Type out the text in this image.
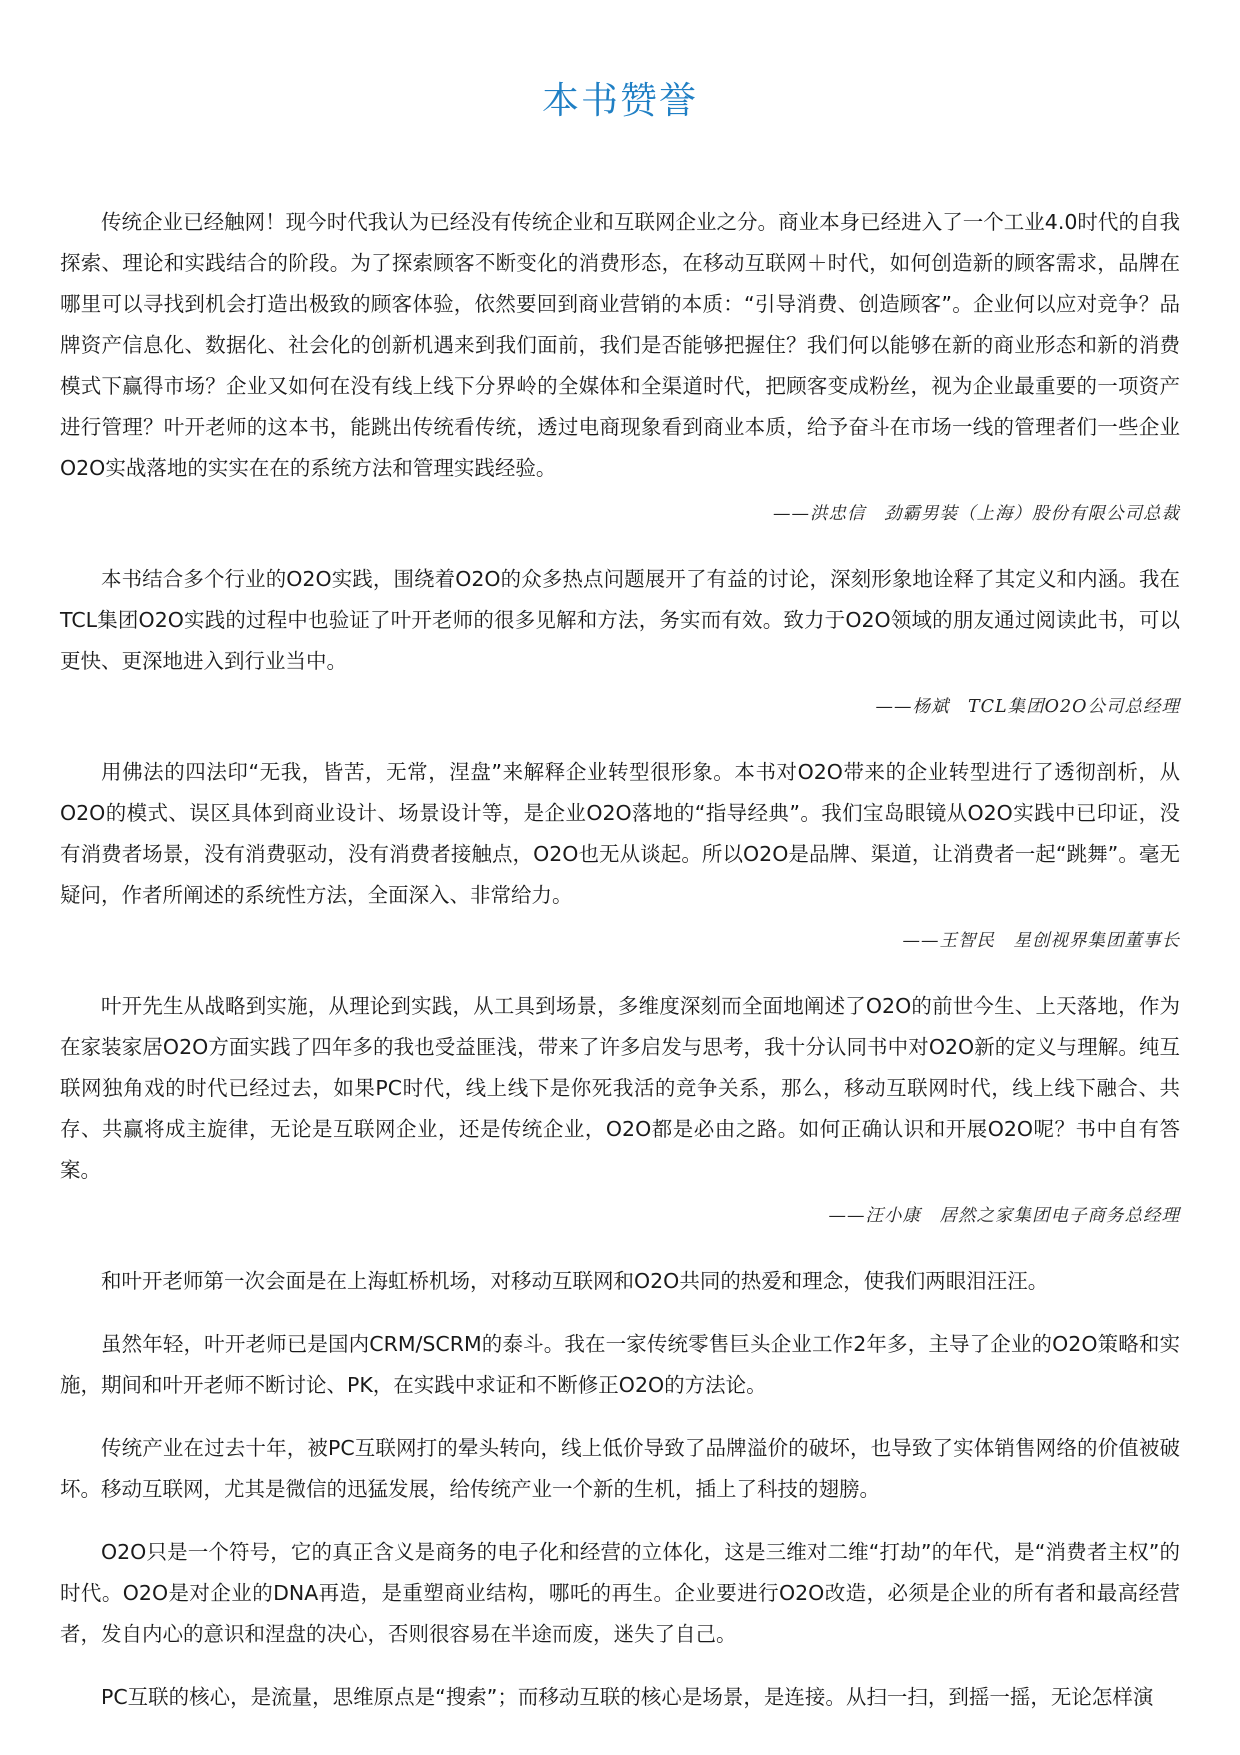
本书赞誉

传统企业已经触网！现今时代我认为已经没有传统企业和互联网企业之分。商业本身已经进入了一个工业4.0时代的自我探索、理论和实践结合的阶段。为了探索顾客不断变化的消费形态，在移动互联网＋时代，如何创造新的顾客需求，品牌在哪里可以寻找到机会打造出极致的顾客体验，依然要回到商业营销的本质：“引导消费、创造顾客”。企业何以应对竞争？品牌资产信息化、数据化、社会化的创新机遇来到我们面前，我们是否能够把握住？我们何以能够在新的商业形态和新的消费模式下赢得市场？企业又如何在没有线上线下分界岭的全媒体和全渠道时代，把顾客变成粉丝，视为企业最重要的一项资产进行管理？叶开老师的这本书，能跳出传统看传统，透过电商现象看到商业本质，给予奋斗在市场一线的管理者们一些企业O2O实战落地的实实在在的系统方法和管理实践经验。

——洪忠信　劲霸男装（上海）股份有限公司总裁

本书结合多个行业的O2O实践，围绕着O2O的众多热点问题展开了有益的讨论，深刻形象地诠释了其定义和内涵。我在TCL集团O2O实践的过程中也验证了叶开老师的很多见解和方法，务实而有效。致力于O2O领域的朋友通过阅读此书，可以更快、更深地进入到行业当中。

——杨斌　TCL集团O2O公司总经理

用佛法的四法印“无我，皆苦，无常，涅盘”来解释企业转型很形象。本书对O2O带来的企业转型进行了透彻剖析，从O2O的模式、误区具体到商业设计、场景设计等，是企业O2O落地的“指导经典”。我们宝岛眼镜从O2O实践中已印证，没有消费者场景，没有消费驱动，没有消费者接触点，O2O也无从谈起。所以O2O是品牌、渠道，让消费者一起“跳舞”。毫无疑问，作者所阐述的系统性方法，全面深入、非常给力。

——王智民　星创视界集团董事长

叶开先生从战略到实施，从理论到实践，从工具到场景，多维度深刻而全面地阐述了O2O的前世今生、上天落地，作为在家装家居O2O方面实践了四年多的我也受益匪浅，带来了许多启发与思考，我十分认同书中对O2O新的定义与理解。纯互联网独角戏的时代已经过去，如果PC时代，线上线下是你死我活的竞争关系，那么，移动互联网时代，线上线下融合、共存、共赢将成主旋律，无论是互联网企业，还是传统企业，O2O都是必由之路。如何正确认识和开展O2O呢？书中自有答案。

——汪小康　居然之家集团电子商务总经理

和叶开老师第一次会面是在上海虹桥机场，对移动互联网和O2O共同的热爱和理念，使我们两眼泪汪汪。

虽然年轻，叶开老师已是国内CRM/SCRM的泰斗。我在一家传统零售巨头企业工作2年多，主导了企业的O2O策略和实施，期间和叶开老师不断讨论、PK，在实践中求证和不断修正O2O的方法论。

传统产业在过去十年，被PC互联网打的晕头转向，线上低价导致了品牌溢价的破坏，也导致了实体销售网络的价值被破坏。移动互联网，尤其是微信的迅猛发展，给传统产业一个新的生机，插上了科技的翅膀。

O2O只是一个符号，它的真正含义是商务的电子化和经营的立体化，这是三维对二维“打劫”的年代，是“消费者主权”的时代。O2O是对企业的DNA再造，是重塑商业结构，哪吒的再生。企业要进行O2O改造，必须是企业的所有者和最高经营者，发自内心的意识和涅盘的决心，否则很容易在半途而废，迷失了自己。

PC互联的核心，是流量，思维原点是“搜索”；而移动互联的核心是场景，是连接。从扫一扫，到摇一摇，无论怎样演
